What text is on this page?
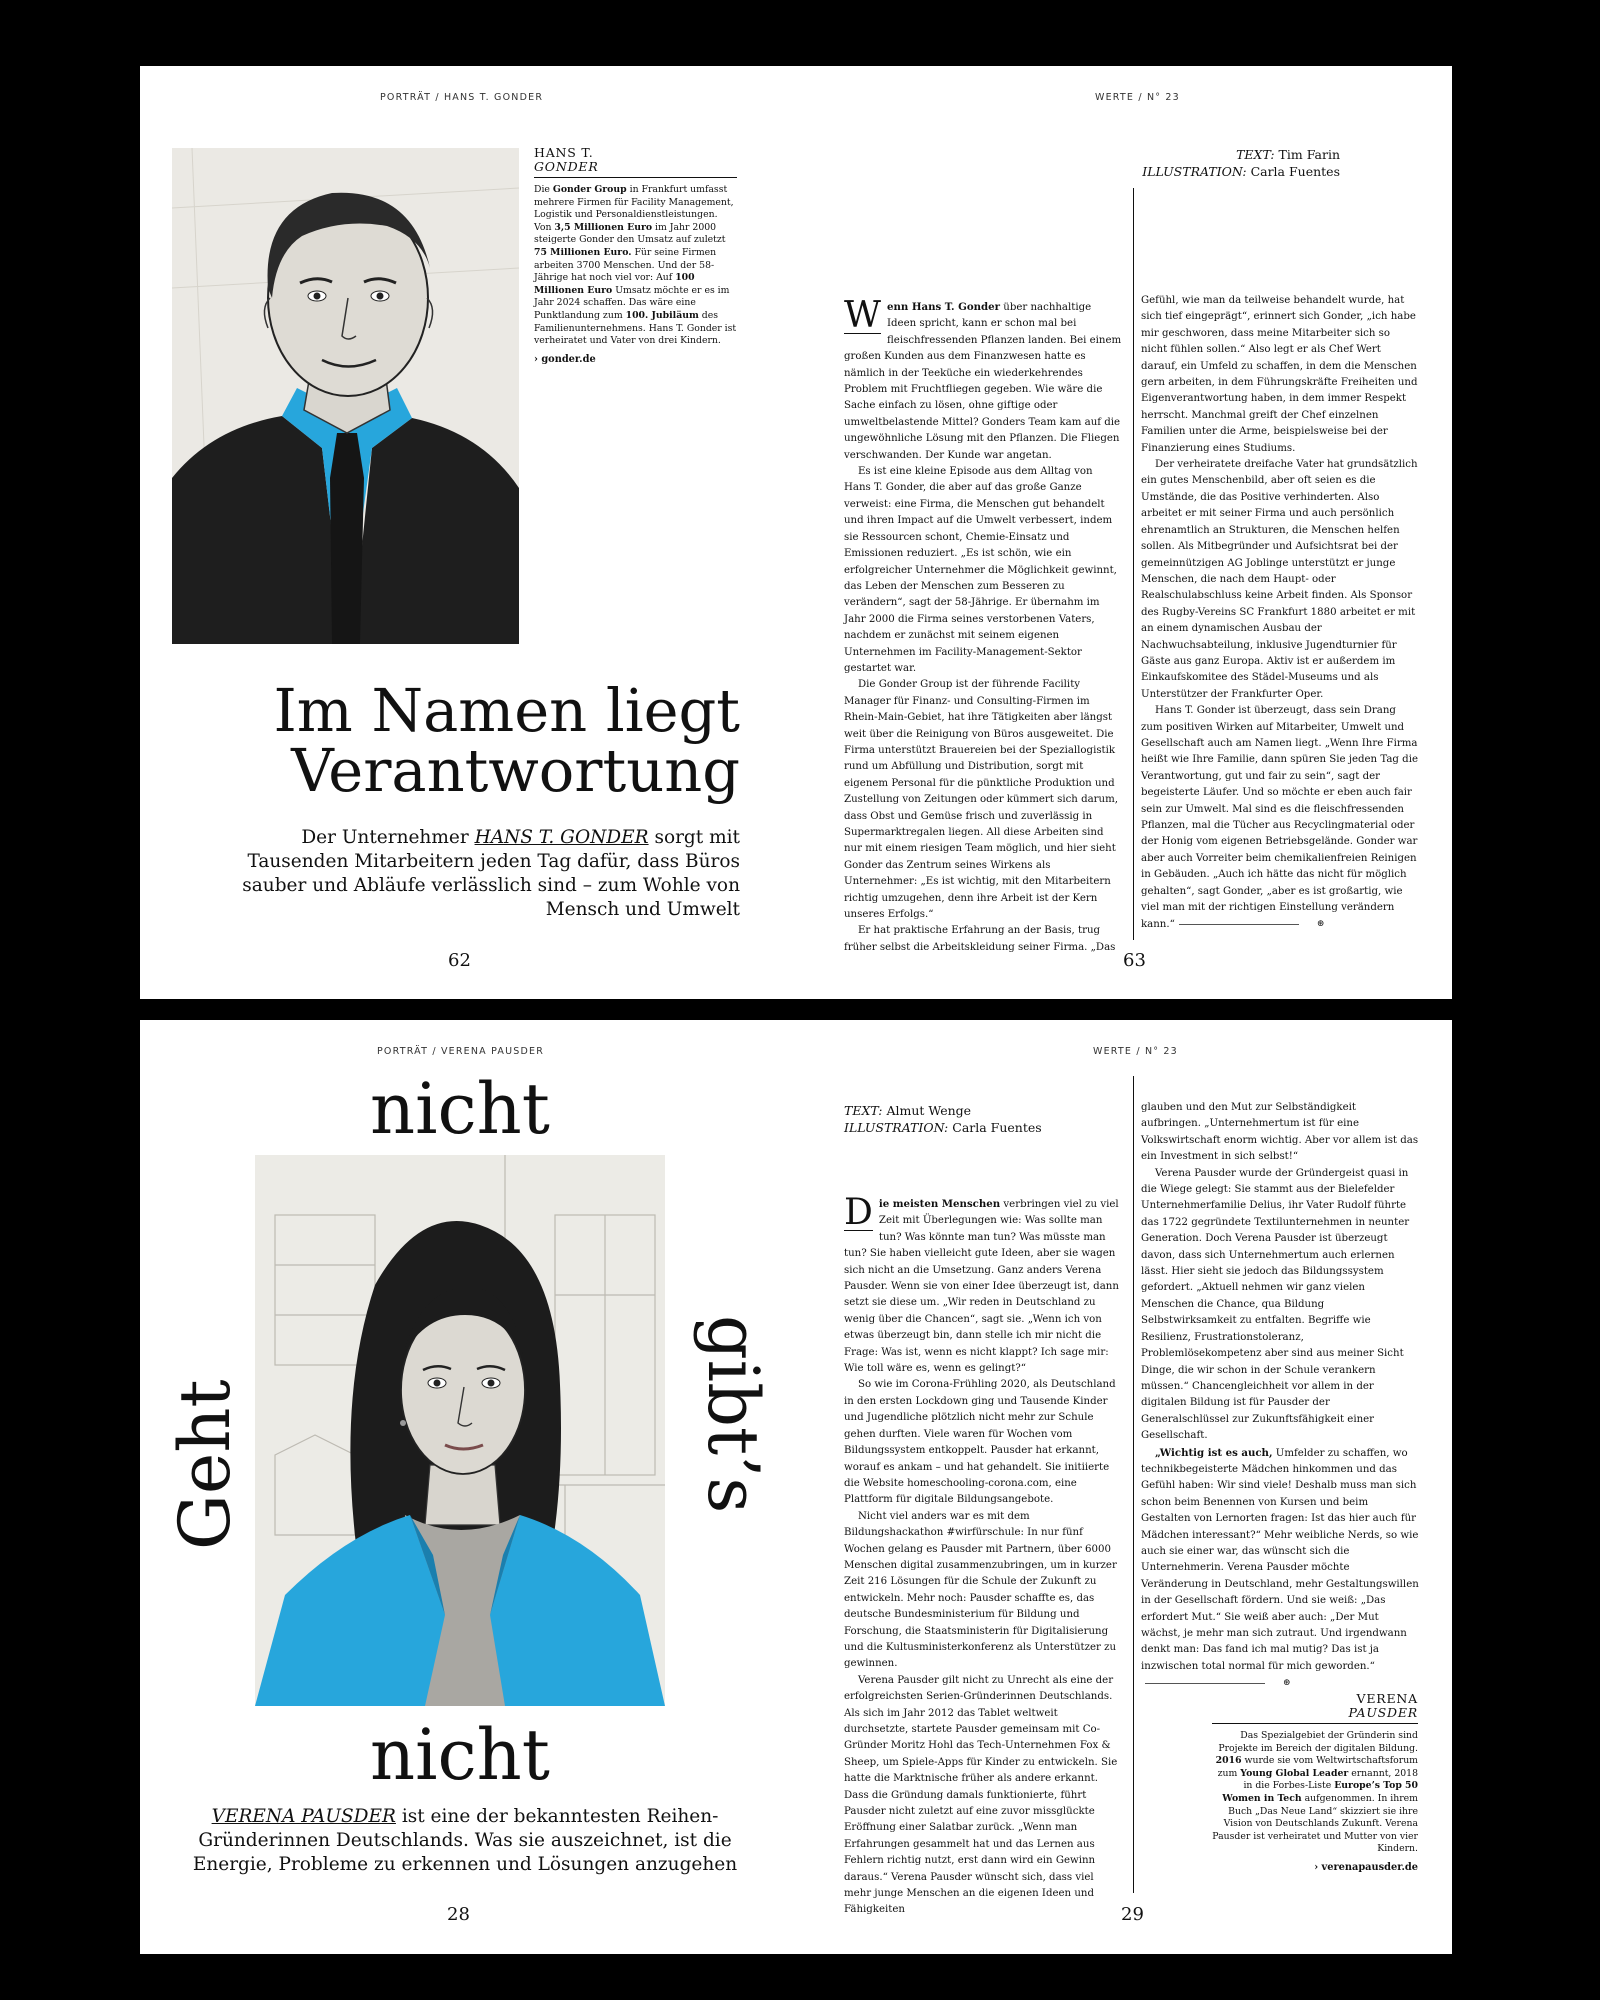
PORTRÄT / HANS T. GONDER	WERTE / N° 23
HANS T.
GONDER
Die Gonder Group in Frankfurt umfasst mehrere Firmen für Facility Management, Logistik und Personaldienstleistungen. Von 3,5 Millionen Euro im Jahr 2000 steigerte Gonder den Umsatz auf zuletzt 75 Millionen Euro. Für seine Firmen arbeiten 3700 Menschen. Und der 58-Jährige hat noch viel vor: Auf 100 Millionen Euro Umsatz möchte er es im Jahr 2024 schaffen. Das wäre eine Punktlandung zum 100. Jubiläum des Familienunternehmens. Hans T. Gonder ist verheiratet und Vater von drei Kindern.
› gonder.de
Im Namen liegt
Verantwortung
Der Unternehmer HANS T. GONDER sorgt mit Tausenden Mitarbeitern jeden Tag dafür, dass Büros sauber und Abläufe verlässlich sind – zum Wohle von Mensch und Umwelt
62	63
TEXT: Tim Farin
ILLUSTRATION: Carla Fuentes

W enn Hans T. Gonder über nachhaltige Ideen spricht, kann er schon mal bei fleischfressenden Pflanzen landen. Bei einem großen Kunden aus dem Finanzwesen hatte es nämlich in der Teeküche ein wiederkehrendes Problem mit Fruchtfliegen gegeben. Wie wäre die Sache einfach zu lösen, ohne giftige oder umweltbelastende Mittel? Gonders Team kam auf die ungewöhnliche Lösung mit den Pflanzen. Die Fliegen verschwanden. Der Kunde war angetan.

Es ist eine kleine Episode aus dem Alltag von Hans T. Gonder, die aber auf das große Ganze verweist: eine Firma, die Menschen gut behandelt und ihren Impact auf die Umwelt verbessert, indem sie Ressourcen schont, Chemie-Einsatz und Emissionen reduziert. „Es ist schön, wie ein erfolgreicher Unternehmer die Möglichkeit gewinnt, das Leben der Menschen zum Besseren zu verändern“, sagt der 58-Jährige. Er übernahm im Jahr 2000 die Firma seines verstorbenen Vaters, nachdem er zunächst mit seinem eigenen Unternehmen im Facility-Management-Sektor gestartet war.

Die Gonder Group ist der führende Facility Manager für Finanz- und Consulting-Firmen im Rhein-Main-Gebiet, hat ihre Tätigkeiten aber längst weit über die Reinigung von Büros ausgeweitet. Die Firma unterstützt Brauereien bei der Speziallogistik rund um Abfüllung und Distribution, sorgt mit eigenem Personal für die pünktliche Produktion und Zustellung von Zeitungen oder kümmert sich darum, dass Obst und Gemüse frisch und zuverlässig in Supermarktregalen liegen. All diese Arbeiten sind nur mit einem riesigen Team möglich, und hier sieht Gonder das Zentrum seines Wirkens als Unternehmer: „Es ist wichtig, mit den Mitarbeitern richtig umzugehen, denn ihre Arbeit ist der Kern unseres Erfolgs.“

Er hat praktische Erfahrung an der Basis, trug früher selbst die Arbeitskleidung seiner Firma. „Das

Gefühl, wie man da teilweise behandelt wurde, hat sich tief eingeprägt“, erinnert sich Gonder, „ich habe mir geschworen, dass meine Mitarbeiter sich so nicht fühlen sollen.“ Also legt er als Chef Wert darauf, ein Umfeld zu schaffen, in dem die Menschen gern arbeiten, in dem Führungskräfte Freiheiten und Eigenverantwortung haben, in dem immer Respekt herrscht. Manchmal greift der Chef einzelnen Familien unter die Arme, beispielsweise bei der Finanzierung eines Studiums.

Der verheiratete dreifache Vater hat grundsätzlich ein gutes Menschenbild, aber oft seien es die Umstände, die das Positive verhinderten. Also arbeitet er mit seiner Firma und auch persönlich ehrenamtlich an Strukturen, die Menschen helfen sollen. Als Mitbegründer und Aufsichtsrat bei der gemeinnützigen AG Joblinge unterstützt er junge Menschen, die nach dem Haupt- oder Realschulabschluss keine Arbeit finden. Als Sponsor des Rugby-Vereins SC Frankfurt 1880 arbeitet er mit an einem dynamischen Ausbau der Nachwuchsabteilung, inklusive Jugendturnier für Gäste aus ganz Europa. Aktiv ist er außerdem im Einkaufskomitee des Städel-Museums und als Unterstützer der Frankfurter Oper.

Hans T. Gonder ist überzeugt, dass sein Drang zum positiven Wirken auf Mitarbeiter, Umwelt und Gesellschaft auch am Namen liegt. „Wenn Ihre Firma heißt wie Ihre Familie, dann spüren Sie jeden Tag die Verantwortung, gut und fair zu sein“, sagt der begeisterte Läufer. Und so möchte er eben auch fair sein zur Umwelt. Mal sind es die fleischfressenden Pflanzen, mal die Tücher aus Recyclingmaterial oder der Honig vom eigenen Betriebsgelände. Gonder war aber auch Vorreiter beim chemikalienfreien Reinigen in Gebäuden. „Auch ich hätte das nicht für möglich gehalten“, sagt Gonder, „aber es ist großartig, wie viel man mit der richtigen Einstellung verändern kann.“	⊛

PORTRÄT / VERENA PAUSDER	WERTE / N° 23
nicht
Geht	gibt’s
nicht
VERENA PAUSDER ist eine der bekanntesten Reihen-Gründerinnen Deutschlands. Was sie auszeichnet, ist die Energie, Probleme zu erkennen und Lösungen anzugehen
28	29
TEXT: Almut Wenge
ILLUSTRATION: Carla Fuentes

D ie meisten Menschen verbringen viel zu viel Zeit mit Überlegungen wie: Was sollte man tun? Was könnte man tun? Was müsste man tun? Sie haben vielleicht gute Ideen, aber sie wagen sich nicht an die Umsetzung. Ganz anders Verena Pausder. Wenn sie von einer Idee überzeugt ist, dann setzt sie diese um. „Wir reden in Deutschland zu wenig über die Chancen“, sagt sie. „Wenn ich von etwas überzeugt bin, dann stelle ich mir nicht die Frage: Was ist, wenn es nicht klappt? Ich sage mir: Wie toll wäre es, wenn es gelingt?“

So wie im Corona-Frühling 2020, als Deutschland in den ersten Lockdown ging und Tausende Kinder und Jugendliche plötzlich nicht mehr zur Schule gehen durften. Viele waren für Wochen vom Bildungssystem entkoppelt. Pausder hat erkannt, worauf es ankam – und hat gehandelt. Sie initiierte die Website homeschooling-corona.com, eine Plattform für digitale Bildungsangebote.

Nicht viel anders war es mit dem Bildungshackathon #wirfürschule: In nur fünf Wochen gelang es Pausder mit Partnern, über 6000 Menschen digital zusammenzubringen, um in kurzer Zeit 216 Lösungen für die Schule der Zukunft zu entwickeln. Mehr noch: Pausder schaffte es, das deutsche Bundesministerium für Bildung und Forschung, die Staatsministerin für Digitalisierung und die Kultusministerkonferenz als Unterstützer zu gewinnen.

Verena Pausder gilt nicht zu Unrecht als eine der erfolgreichsten Serien-Gründerinnen Deutschlands. Als sich im Jahr 2012 das Tablet weltweit durchsetzte, startete Pausder gemeinsam mit Co-Gründer Moritz Hohl das Tech-Unternehmen Fox & Sheep, um Spiele-Apps für Kinder zu entwickeln. Sie hatte die Marktnische früher als andere erkannt. Dass die Gründung damals funktionierte, führt Pausder nicht zuletzt auf eine zuvor missglückte Eröffnung einer Salatbar zurück. „Wenn man Erfahrungen gesammelt hat und das Lernen aus Fehlern richtig nutzt, erst dann wird ein Gewinn daraus.“ Verena Pausder wünscht sich, dass viel mehr junge Menschen an die eigenen Ideen und Fähigkeiten

glauben und den Mut zur Selbständigkeit aufbringen. „Unternehmertum ist für eine Volkswirtschaft enorm wichtig. Aber vor allem ist das ein Investment in sich selbst!“

Verena Pausder wurde der Gründergeist quasi in die Wiege gelegt: Sie stammt aus der Bielefelder Unternehmerfamilie Delius, ihr Vater Rudolf führte das 1722 gegründete Textilunternehmen in neunter Generation. Doch Verena Pausder ist überzeugt davon, dass sich Unternehmertum auch erlernen lässt. Hier sieht sie jedoch das Bildungssystem gefordert. „Aktuell nehmen wir ganz vielen Menschen die Chance, qua Bildung Selbstwirksamkeit zu entfalten. Begriffe wie Resilienz, Frustrationstoleranz, Problemlösekompetenz aber sind aus meiner Sicht Dinge, die wir schon in der Schule verankern müssen.“ Chancengleichheit vor allem in der digitalen Bildung ist für Pausder der Generalschlüssel zur Zukunftsfähigkeit einer Gesellschaft.

„Wichtig ist es auch, Umfelder zu schaffen, wo technikbegeisterte Mädchen hinkommen und das Gefühl haben: Wir sind viele! Deshalb muss man sich schon beim Benennen von Kursen und beim Gestalten von Lernorten fragen: Ist das hier auch für Mädchen interessant?“ Mehr weibliche Nerds, so wie auch sie einer war, das wünscht sich die Unternehmerin. Verena Pausder möchte Veränderung in Deutschland, mehr Gestaltungswillen in der Gesellschaft fördern. Und sie weiß: „Das erfordert Mut.“ Sie weiß aber auch: „Der Mut wächst, je mehr man sich zutraut. Und irgendwann denkt man: Das fand ich mal mutig? Das ist ja inzwischen total normal für mich geworden.“⊛

VERENA
PAUSDER
Das Spezialgebiet der Gründerin sind Projekte im Bereich der digitalen Bildung. 2016 wurde sie vom Weltwirtschaftsforum zum Young Global Leader ernannt, 2018 in die Forbes-Liste Europe’s Top 50 Women in Tech aufgenommen. In ihrem Buch „Das Neue Land“ skizziert sie ihre Vision von Deutschlands Zukunft. Verena Pausder ist verheiratet und Mutter von vier Kindern.
› verenapausder.de
